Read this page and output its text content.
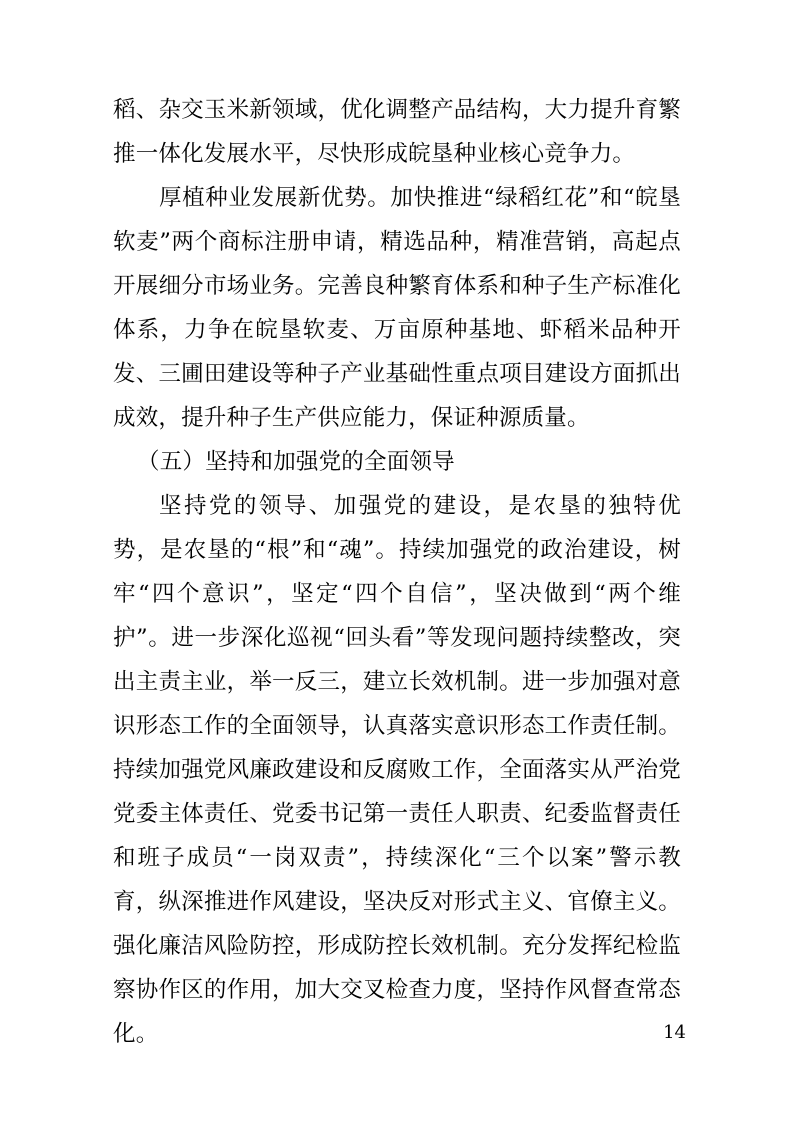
稻、杂交玉米新领域，优化调整产品结构，大力提升育繁推一体化发展水平，尽快形成皖垦种业核心竞争力。

厚植种业发展新优势。加快推进“绿稻红花”和“皖垦软麦”两个商标注册申请，精选品种，精准营销，高起点开展细分市场业务。完善良种繁育体系和种子生产标准化体系，力争在皖垦软麦、万亩原种基地、虾稻米品种开发、三圃田建设等种子产业基础性重点项目建设方面抓出成效，提升种子生产供应能力，保证种源质量。

（五）坚持和加强党的全面领导

坚持党的领导、加强党的建设，是农垦的独特优势，是农垦的“根”和“魂”。持续加强党的政治建设，树牢“四个意识”，坚定“四个自信”，坚决做到“两个维护”。进一步深化巡视“回头看”等发现问题持续整改，突出主责主业，举一反三，建立长效机制。进一步加强对意识形态工作的全面领导，认真落实意识形态工作责任制。持续加强党风廉政建设和反腐败工作，全面落实从严治党党委主体责任、党委书记第一责任人职责、纪委监督责任和班子成员“一岗双责”，持续深化“三个以案”警示教育，纵深推进作风建设，坚决反对形式主义、官僚主义。强化廉洁风险防控，形成防控长效机制。充分发挥纪检监察协作区的作用，加大交叉检查力度，坚持作风督查常态化。	14
